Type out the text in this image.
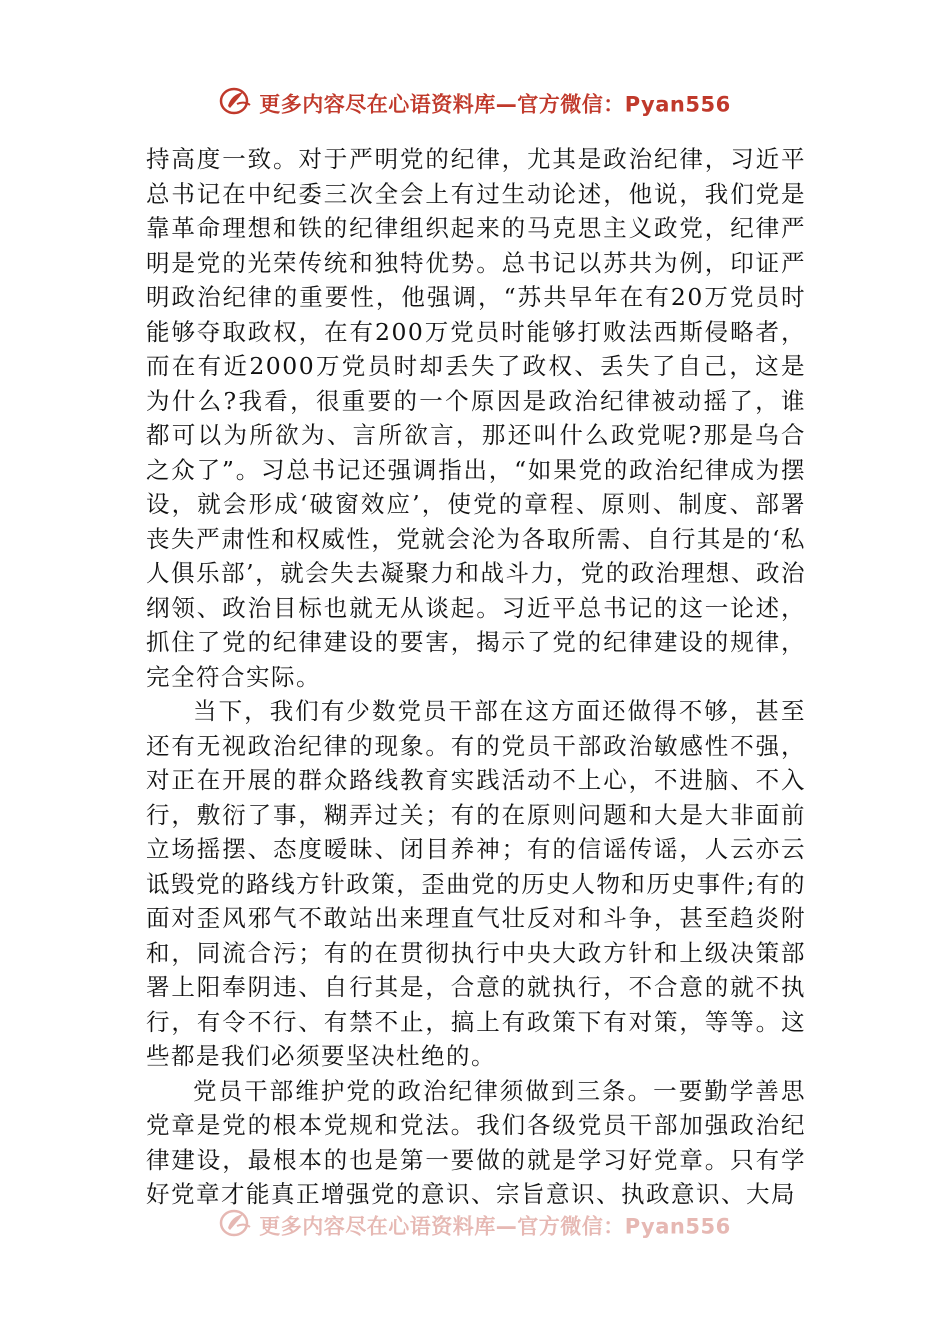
更多内容尽在心语资料库—官方微信：Pyan556

持高度一致。对于严明党的纪律，尤其是政治纪律，习近平总书记在中纪委三次全会上有过生动论述，他说，我们党是靠革命理想和铁的纪律组织起来的马克思主义政党，纪律严明是党的光荣传统和独特优势。总书记以苏共为例，印证严明政治纪律的重要性，他强调，“苏共早年在有20万党员时能够夺取政权，在有200万党员时能够打败法西斯侵略者，而在有近2000万党员时却丢失了政权、丢失了自己，这是为什么?我看，很重要的一个原因是政治纪律被动摇了，谁都可以为所欲为、言所欲言，那还叫什么政党呢?那是乌合之众了”。习总书记还强调指出，“如果党的政治纪律成为摆设，就会形成‘破窗效应’，使党的章程、原则、制度、部署丧失严肃性和权威性，党就会沦为各取所需、自行其是的‘私人俱乐部’，就会失去凝聚力和战斗力，党的政治理想、政治纲领、政治目标也就无从谈起。习近平总书记的这一论述，抓住了党的纪律建设的要害，揭示了党的纪律建设的规律，完全符合实际。

当下，我们有少数党员干部在这方面还做得不够，甚至还有无视政治纪律的现象。有的党员干部政治敏感性不强，对正在开展的群众路线教育实践活动不上心，不进脑、不入行，敷衍了事，糊弄过关；有的在原则问题和大是大非面前立场摇摆、态度暧昧、闭目养神；有的信谣传谣，人云亦云诋毁党的路线方针政策，歪曲党的历史人物和历史事件;有的面对歪风邪气不敢站出来理直气壮反对和斗争，甚至趋炎附和，同流合污；有的在贯彻执行中央大政方针和上级决策部署上阳奉阴违、自行其是，合意的就执行，不合意的就不执行，有令不行、有禁不止，搞上有政策下有对策，等等。这些都是我们必须要坚决杜绝的。

党员干部维护党的政治纪律须做到三条。一要勤学善思党章是党的根本党规和党法。我们各级党员干部加强政治纪律建设，最根本的也是第一要做的就是学习好党章。只有学好党章才能真正增强党的意识、宗旨意识、执政意识、大局

更多内容尽在心语资料库—官方微信：Pyan556
